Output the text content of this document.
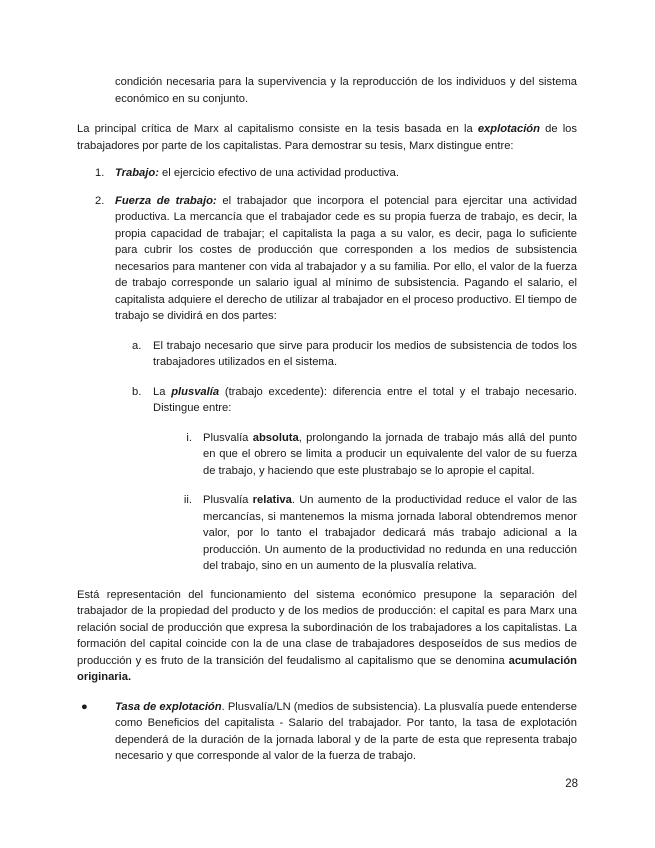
condición necesaria para la supervivencia y la reproducción de los individuos y del sistema económico en su conjunto.

La principal crítica de Marx al capitalismo consiste en la tesis basada en la explotación de los trabajadores por parte de los capitalistas. Para demostrar su tesis, Marx distingue entre:

1. Trabajo: el ejercicio efectivo de una actividad productiva.
2. Fuerza de trabajo: el trabajador que incorpora el potencial para ejercitar una actividad productiva. La mercancía que el trabajador cede es su propia fuerza de trabajo, es decir, la propia capacidad de trabajar; el capitalista la paga a su valor, es decir, paga lo suficiente para cubrir los costes de producción que corresponden a los medios de subsistencia necesarios para mantener con vida al trabajador y a su familia. Por ello, el valor de la fuerza de trabajo corresponde un salario igual al mínimo de subsistencia. Pagando el salario, el capitalista adquiere el derecho de utilizar al trabajador en el proceso productivo. El tiempo de trabajo se dividirá en dos partes:
a.	El trabajo necesario que sirve para producir los medios de subsistencia de todos los trabajadores utilizados en el sistema.
b.	La plusvalía (trabajo excedente): diferencia entre el total y el trabajo necesario. Distingue entre:
i. Plusvalía absoluta, prolongando la jornada de trabajo más allá del punto en que el obrero se limita a producir un equivalente del valor de su fuerza de trabajo, y haciendo que este plustrabajo se lo apropie el capital.
ii. Plusvalía relativa. Un aumento de la productividad reduce el valor de las mercancías, si mantenemos la misma jornada laboral obtendremos menor valor, por lo tanto el trabajador dedicará más trabajo adicional a la producción. Un aumento de la productividad no redunda en una reducción del trabajo, sino en un aumento de la plusvalía relativa.

Está representación del funcionamiento del sistema económico presupone la separación del trabajador de la propiedad del producto y de los medios de producción: el capital es para Marx una relación social de producción que expresa la subordinación de los trabajadores a los capitalistas. La formación del capital coincide con la de una clase de trabajadores desposeídos de sus medios de producción y es fruto de la transición del feudalismo al capitalismo que se denomina acumulación originaria.

●	Tasa de explotación. Plusvalía/LN (medios de subsistencia). La plusvalía puede entenderse como Beneficios del capitalista - Salario del trabajador. Por tanto, la tasa de explotación dependerá de la duración de la jornada laboral y de la parte de esta que representa trabajo necesario y que corresponde al valor de la fuerza de trabajo.
28
